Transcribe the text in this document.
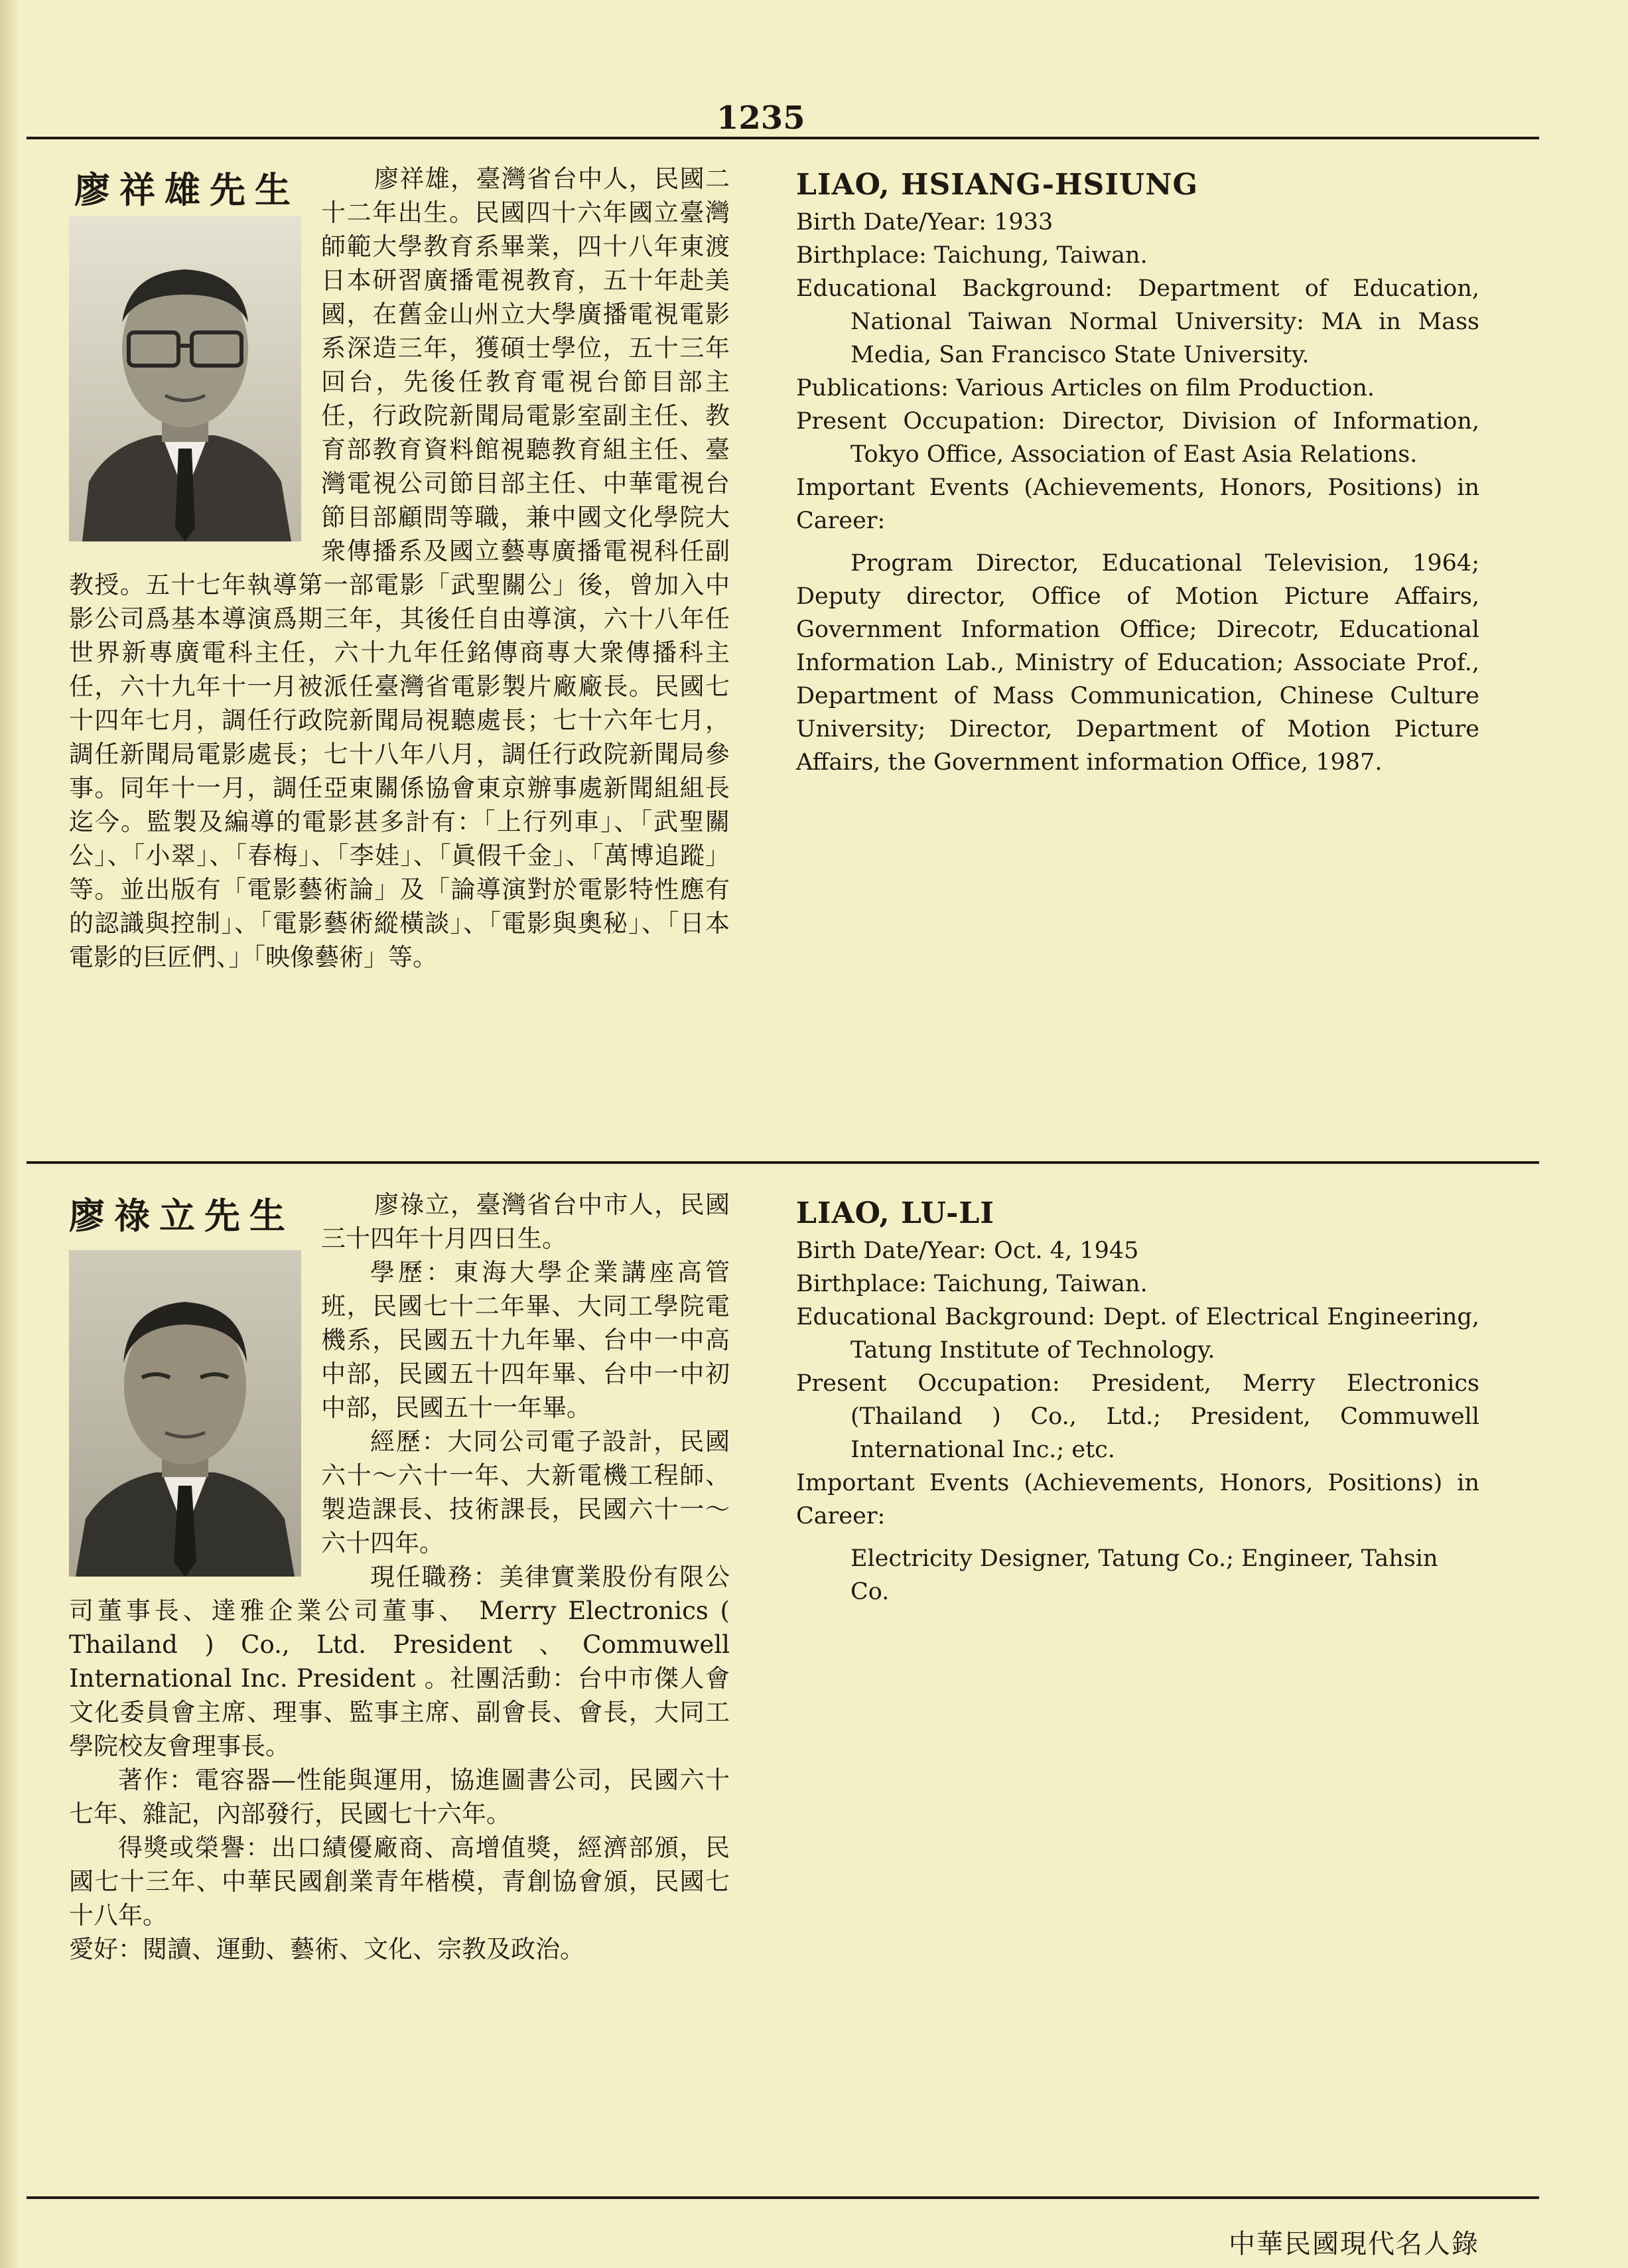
1235
廖祥雄先生	廖祥雄，臺灣省台中人，民國二十二年出生。民國四十六年國立臺灣師範大學教育系畢業，四十八年東渡日本研習廣播電視教育，五十年赴美國，在舊金山州立大學廣播電視電影系深造三年，獲碩士學位，五十三年回台，先後任教育電視台節目部主任，行政院新聞局電影室副主任、教育部教育資料館視聽教育組主任、臺灣電視公司節目部主任、中華電視台節目部顧問等職，兼中國文化學院大衆傳播系及國立藝專廣播電視科任副教授。五十七年執導第一部電影「武聖關公」後，曾加入中影公司爲基本導演爲期三年，其後任自由導演，六十八年任世界新專廣電科主任，六十九年任銘傳商專大衆傳播科主任，六十九年十一月被派任臺灣省電影製片廠廠長。民國七十四年七月，調任行政院新聞局視聽處長；七十六年七月，調任新聞局電影處長；七十八年八月，調任行政院新聞局參事。同年十一月，調任亞東關係協會東京辦事處新聞組組長迄今。監製及編導的電影甚多計有：「上行列車」、「武聖關公」、「小翠」、「春梅」、「李娃」、「眞假千金」、「萬博追蹤」等。並出版有「電影藝術論」及「論導演對於電影特性應有的認識與控制」、「電影藝術縱橫談」、「電影與奧秘」、「日本電影的巨匠們、」「映像藝術」等。

LIAO, HSIANG-HSIUNG

Birth Date/Year: 1933

Birthplace: Taichung, Taiwan.

Educational Background: Department of Education, National Taiwan Normal University: MA in Mass Media, San Francisco State University.

Publications: Various Articles on film Production.

Present Occupation: Director, Division of Information, Tokyo Office, Association of East Asia Relations.

Important Events (Achievements, Honors, Positions) in Career:

Program Director, Educational Television, 1964; Deputy director, Office of Motion Picture Affairs, Government Information Office; Direcotr, Educational Information Lab., Ministry of Education; Associate Prof., Department of Mass Communication, Chinese Culture University; Director, Department of Motion Picture Affairs, the Government information Office, 1987.

廖祿立先生	廖祿立，臺灣省台中市人，民國三十四年十月四日生。

學歷：東海大學企業講座高管班，民國七十二年畢、大同工學院電機系，民國五十九年畢、台中一中高中部，民國五十四年畢、台中一中初中部，民國五十一年畢。

經歷：大同公司電子設計，民國六十～六十一年、大新電機工程師、製造課長、技術課長，民國六十一～六十四年。

現任職務：美律實業股份有限公司董事長、達雅企業公司董事、 Merry Electronics ( Thailand ) Co., Ltd. President 、Commuwell International Inc. President 。社團活動：台中市傑人會文化委員會主席、理事、監事主席、副會長、會長，大同工學院校友會理事長。

著作：電容器—性能與運用，協進圖書公司，民國六十七年、雜記，內部發行，民國七十六年。

得獎或榮譽：出口績優廠商、高增值獎，經濟部頒，民國七十三年、中華民國創業青年楷模，青創協會頒，民國七十八年。

愛好：閱讀、運動、藝術、文化、宗教及政治。

LIAO, LU-LI

Birth Date/Year: Oct. 4, 1945

Birthplace: Taichung, Taiwan.

Educational Background: Dept. of Electrical Engineering, Tatung Institute of Technology.

Present Occupation: President, Merry Electronics (Thailand ) Co., Ltd.; President, Commuwell International Inc.; etc.

Important Events (Achievements, Honors, Positions) in Career:

Electricity Designer, Tatung Co.; Engineer, Tahsin Co.

中華民國現代名人錄
